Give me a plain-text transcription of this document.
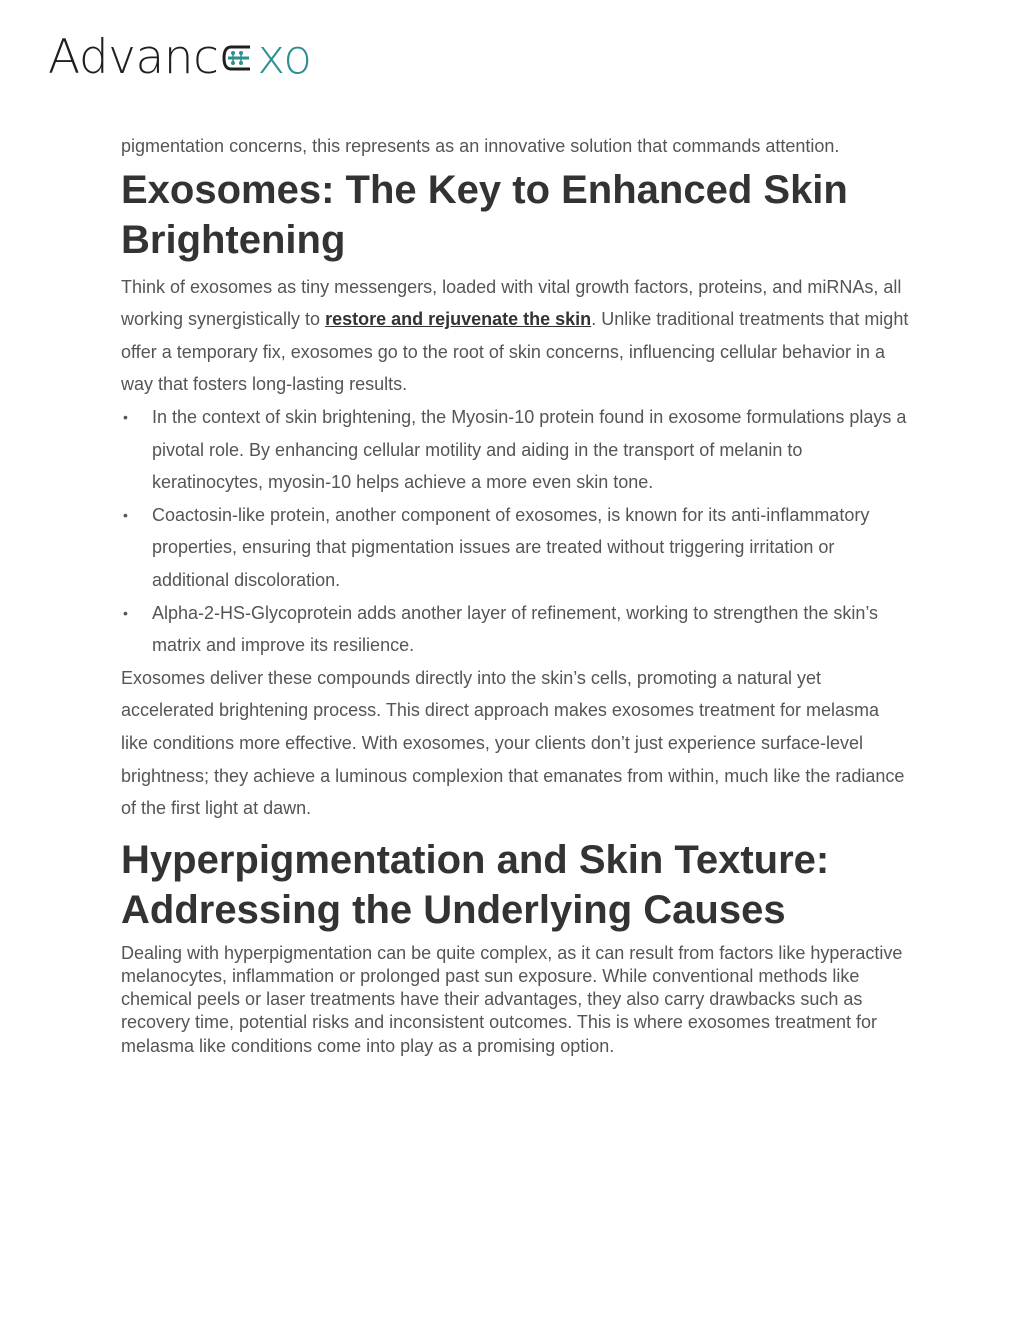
Advanc xo

pigmentation concerns, this represents as an innovative solution that commands attention.

Exosomes: The Key to Enhanced Skin Brightening

Think of exosomes as tiny messengers, loaded with vital growth factors, proteins, and miRNAs, all working synergistically to restore and rejuvenate the skin. Unlike traditional treatments that might offer a temporary fix, exosomes go to the root of skin concerns, influencing cellular behavior in a way that fosters long-lasting results.

• In the context of skin brightening, the Myosin-10 protein found in exosome formulations plays a pivotal role. By enhancing cellular motility and aiding in the transport of melanin to keratinocytes, myosin-10 helps achieve a more even skin tone.
• Coactosin-like protein, another component of exosomes, is known for its anti-inflammatory properties, ensuring that pigmentation issues are treated without triggering irritation or additional discoloration.
• Alpha-2-HS-Glycoprotein adds another layer of refinement, working to strengthen the skin’s matrix and improve its resilience.

Exosomes deliver these compounds directly into the skin’s cells, promoting a natural yet accelerated brightening process. This direct approach makes exosomes treatment for melasma like conditions more effective. With exosomes, your clients don’t just experience surface-level brightness; they achieve a luminous complexion that emanates from within, much like the radiance of the first light at dawn.

Hyperpigmentation and Skin Texture: Addressing the Underlying Causes

Dealing with hyperpigmentation can be quite complex, as it can result from factors like hyperactive melanocytes, inflammation or prolonged past sun exposure. While conventional methods like chemical peels or laser treatments have their advantages, they also carry drawbacks such as recovery time, potential risks and inconsistent outcomes. This is where exosomes treatment for melasma like conditions come into play as a promising option.
